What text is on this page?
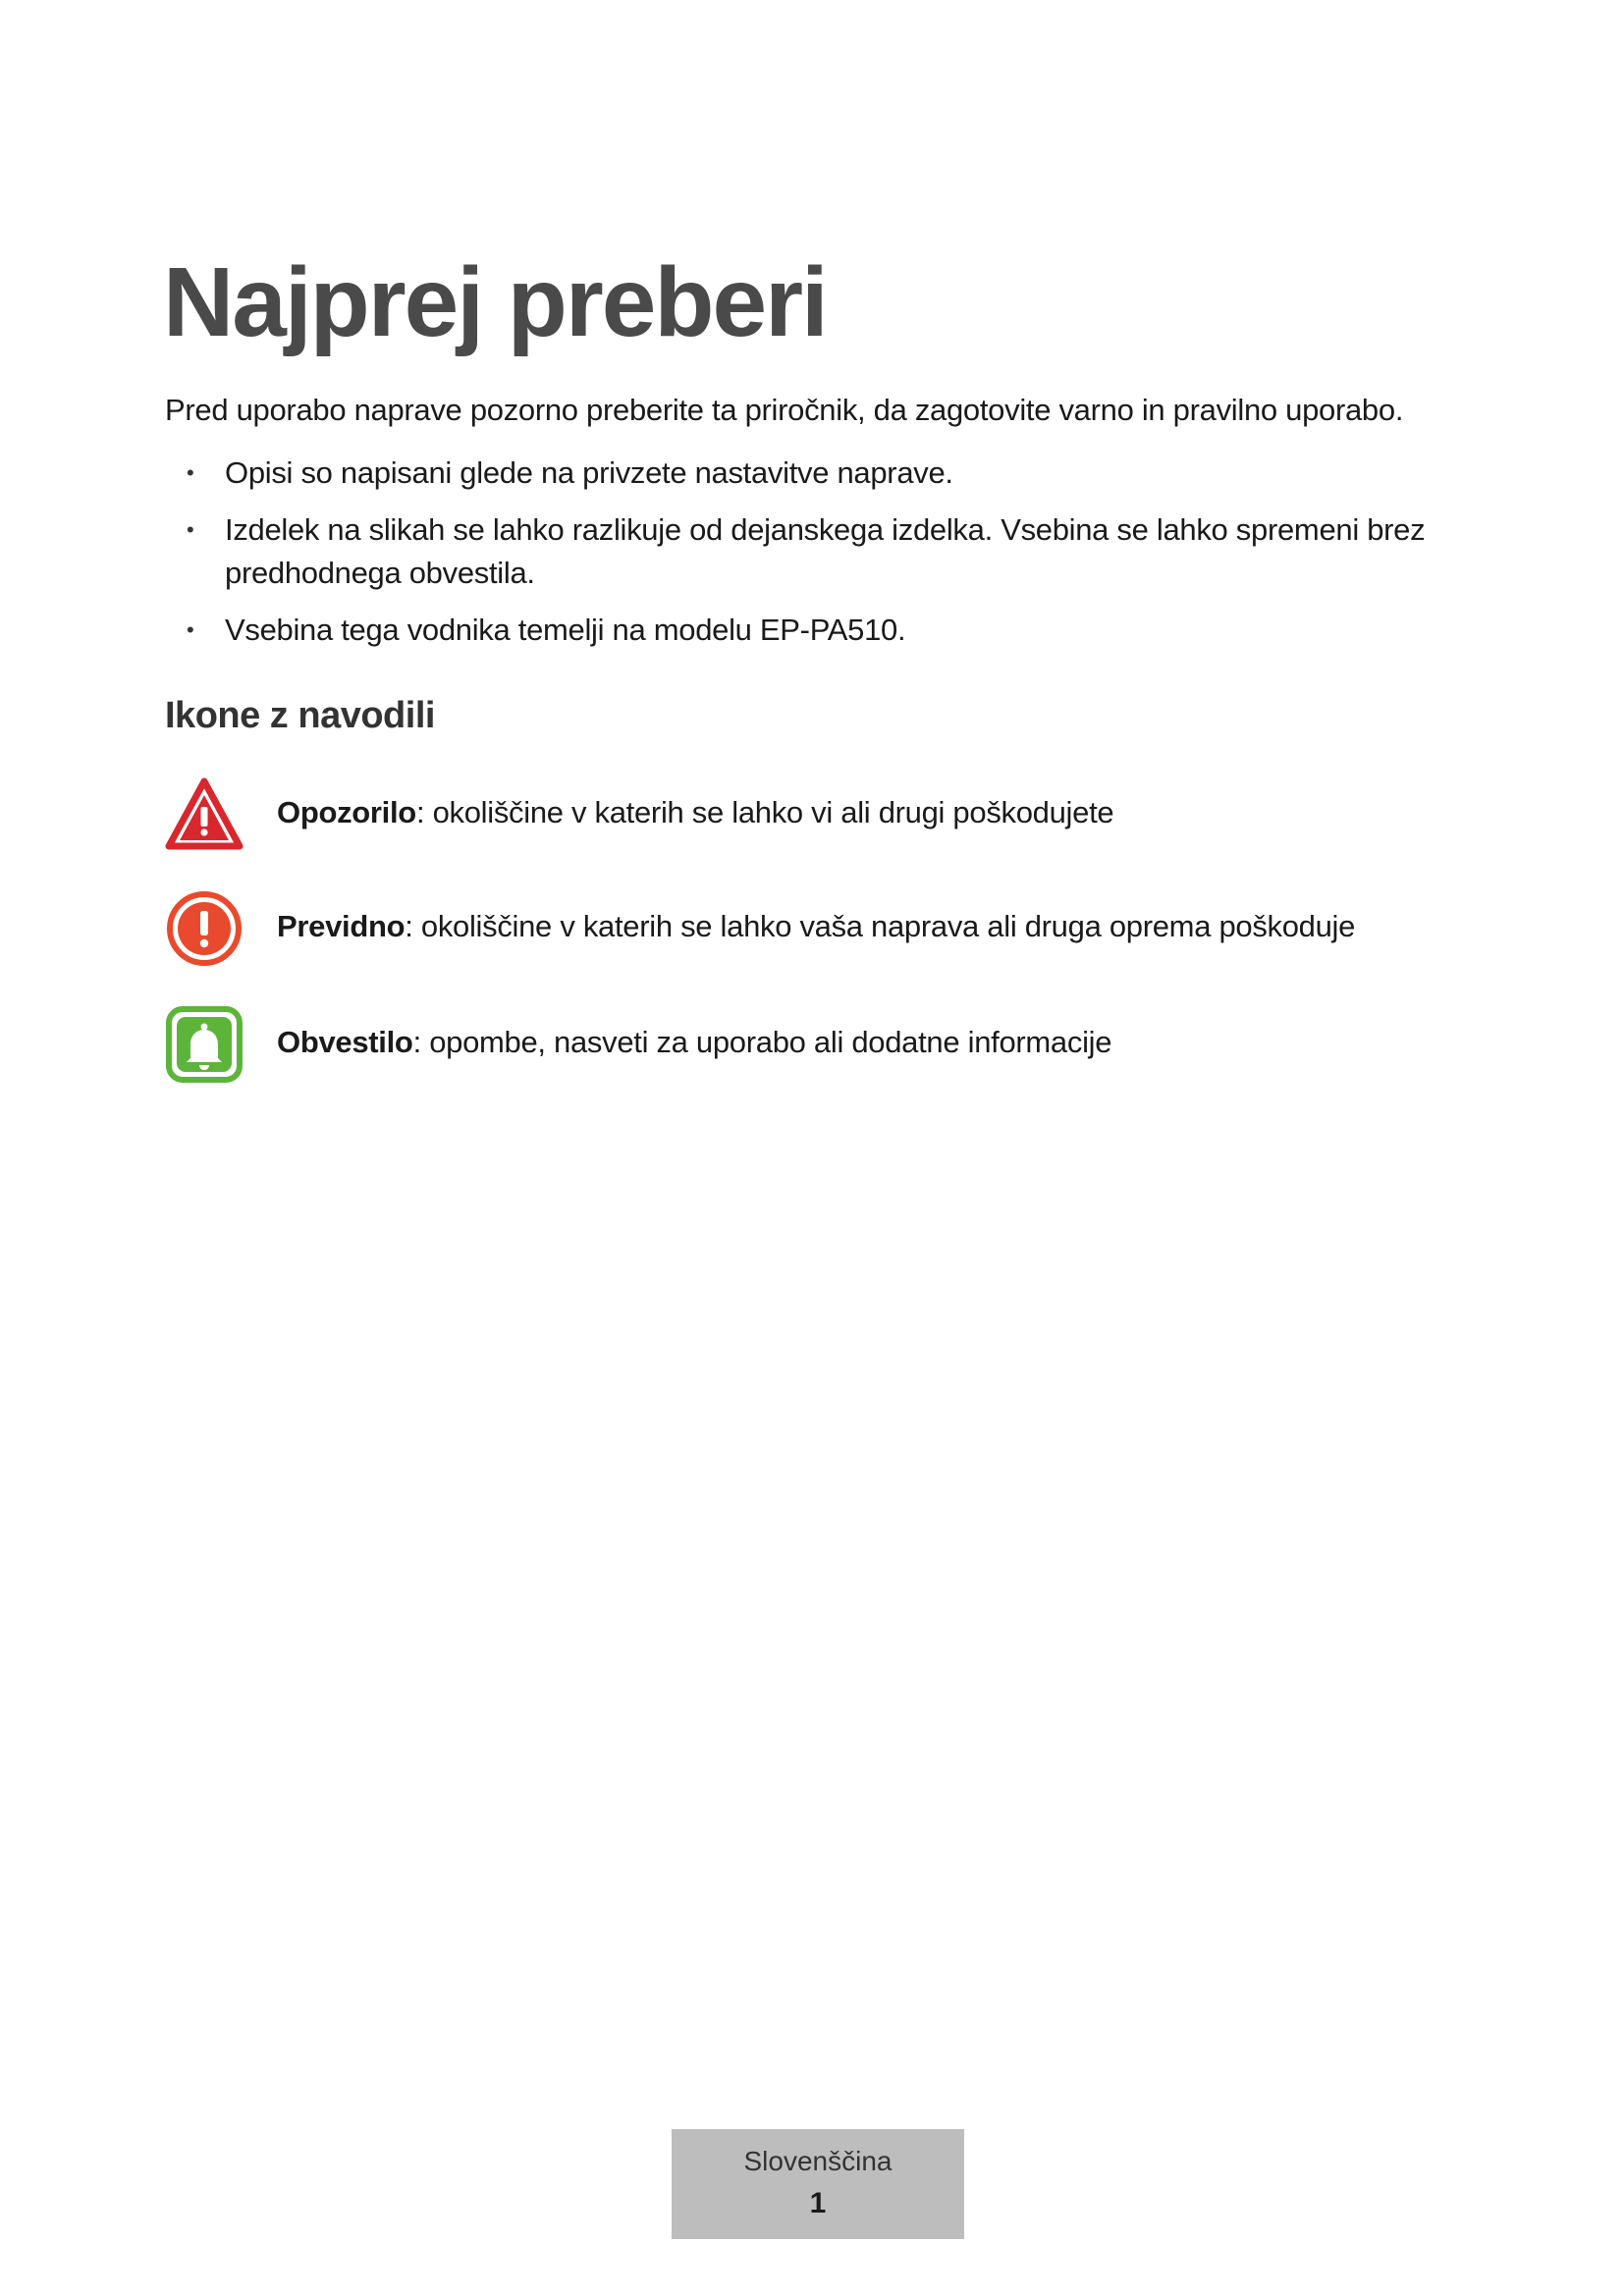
Najprej preberi

Pred uporabo naprave pozorno preberite ta priročnik, da zagotovite varno in pravilno uporabo.

• Opisi so napisani glede na privzete nastavitve naprave.
• Izdelek na slikah se lahko razlikuje od dejanskega izdelka. Vsebina se lahko spremeni brez predhodnega obvestila.
• Vsebina tega vodnika temelji na modelu EP-PA510.
Ikone z navodili
Opozorilo: okoliščine v katerih se lahko vi ali drugi poškodujete
Previdno: okoliščine v katerih se lahko vaša naprava ali druga oprema poškoduje
Obvestilo: opombe, nasveti za uporabo ali dodatne informacije
Slovenščina
1
